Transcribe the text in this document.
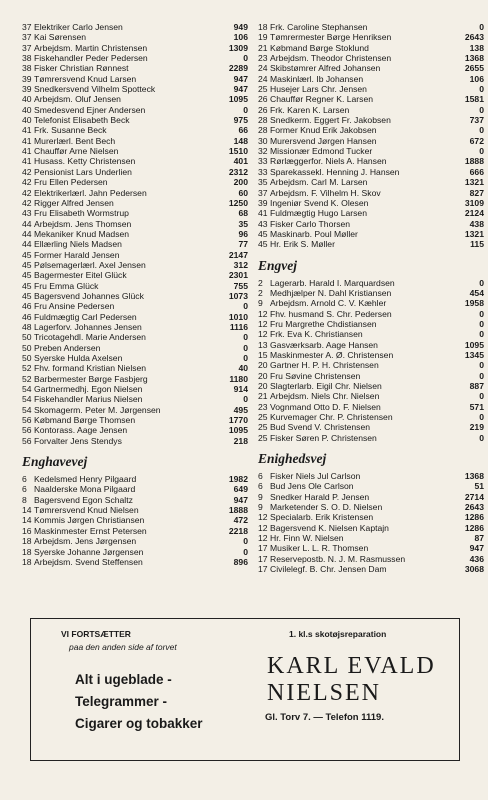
37 Elektriker Carlo Jensen	949
37 Kai Sørensen	106
37 Arbejdsm. Martin Christensen	1309
38 Fiskehandler Peder Pedersen	0
38 Fisker Christian Rønnest	2289
39 Tømrersvend Knud Larsen	947
39 Snedkersvend Vilhelm Spotteck	947
40 Arbejdsm. Oluf Jensen	1095
40 Smedesvend Ejner Andersen	0
40 Telefonist Elisabeth Beck	975
41 Frk. Susanne Beck	66
41 Murerlærl. Bent Bech	148
41 Chauffør Arne Nielsen	1510
41 Husass. Ketty Christensen	401
42 Pensionist Lars Underlien	2312
42 Fru Ellen Pedersen	200
42 Elektrikerlærl. Jahn Pedersen	60
42 Rigger Alfred Jensen	1250
43 Fru Elisabeth Wormstrup	68
44 Arbejdsm. Jens Thomsen	35
44 Mekaniker Knud Madsen	96
44 Ellærling Niels Madsen	77
45 Former Harald Jensen	2147
45 Pølsemagerlærl. Axel Jensen	312
45 Bagermester Eitel Glück	2301
45 Fru Emma Glück	755
45 Bagersvend Johannes Glück	1073
46 Fru Ansine Pedersen	0
46 Fuldmægtig Carl Pedersen	1010
48 Lagerforv. Johannes Jensen	1116
50 Tricotagehdl. Marie Andersen	0
50 Preben Andersen	0
50 Syerske Hulda Axelsen	0
52 Fhv. formand Kristian Nielsen	40
52 Barbermester Børge Fasbjerg	1180
54 Gartnermedhj. Egon Nielsen	914
54 Fiskehandler Marius Nielsen	0
54 Skomagerm. Peter M. Jørgensen	495
56 Købmand Børge Thomsen	1770
56 Kontorass. Aage Jensen	1095
56 Forvalter Jens Stendys	218
Enghavevej
6 Kedelsmed Henry Pilgaard	1982
6 Naalderske Mona Pilgaard	649
8 Bagersvend Egon Schaltz	947
14 Tømrersvend Knud Nielsen	1888
14 Kommis Jørgen Christiansen	472
16 Maskinmester Ernst Petersen	2218
18 Arbejdsm. Jens Jørgensen	0
18 Syerske Johanne Jørgensen	0
18 Arbejdsm. Svend Steffensen	896
18 Frk. Caroline Stephansen	0
19 Tømrermester Børge Henriksen	2643
21 Købmand Børge Stoklund	138
23 Arbejdsm. Theodor Christensen	1368
24 Skibstømrer Alfred Johansen	2655
24 Maskinlærl. Ib Johansen	106
25 Husejer Lars Chr. Jensen	0
26 Chauffør Regner K. Larsen	1581
26 Frk. Karen K. Larsen	0
28 Snedkerm. Eggert Fr. Jakobsen	737
28 Former Knud Erik Jakobsen	0
30 Murersvend Jørgen Hansen	672
32 Missionær Edmond Tucker	0
33 Rørlæggerfor. Niels A. Hansen	1888
33 Sparekassekl. Henning J. Hansen	666
35 Arbejdsm. Carl M. Larsen	1321
37 Arbejdsm. F. Vilhelm H. Skov	827
39 Ingeniør Svend K. Olesen	3109
41 Fuldmægtig Hugo Larsen	2124
43 Fisker Carlo Thorsen	438
45 Maskinarb. Poul Møller	1321
45 Hr. Erik S. Møller	115
Engvej
2 Lagerarb. Harald I. Marquardsen	0
2 Medhjælper N. Dahl Kristiansen	454
9 Arbejdsm. Arnold C. V. Kæhler	1958
12 Fhv. husmand S. Chr. Pedersen	0
12 Fru Margrethe Chdistiansen	0
12 Frk. Eva K. Christiansen	0
13 Gasværksarb. Aage Hansen	1095
15 Maskinmester A. Ø. Christensen	1345
20 Gartner H. P. H. Christensen	0
20 Fru Søvine Christensen	0
20 Slagterlarb. Eigil Chr. Nielsen	887
21 Arbejdsm. Niels Chr. Nielsen	0
23 Vognmand Otto D. F. Nielsen	571
25 Kurvemager Chr. P. Christensen	0
25 Bud Svend V. Christensen	219
25 Fisker Søren P. Christensen	0
Enighedsvej
6 Fisker Niels Jul Carlson	1368
6 Bud Jens Ole Carlson	51
9 Snedker Harald P. Jensen	2714
9 Marketender S. O. D. Nielsen	2643
12 Specialarb. Erik Kristensen	1286
12 Bagersvend K. Nielsen Kaptajn	1286
12 Hr. Finn W. Nielsen	87
17 Musiker L. L. R. Thomsen	947
17 Reservepostb. N. J. M. Rasmussen	436
17 Civilelegf. B. Chr. Jensen Dam	3068
VI FORTSÆTTER
paa den anden side af torvet
Alt i ugeblade -
Telegrammer -
Cigarer og tobakker
1. kl.s skotøjsreparation
KARL EVALD
NIELSEN
Gl. Torv 7. — Telefon 1119.
